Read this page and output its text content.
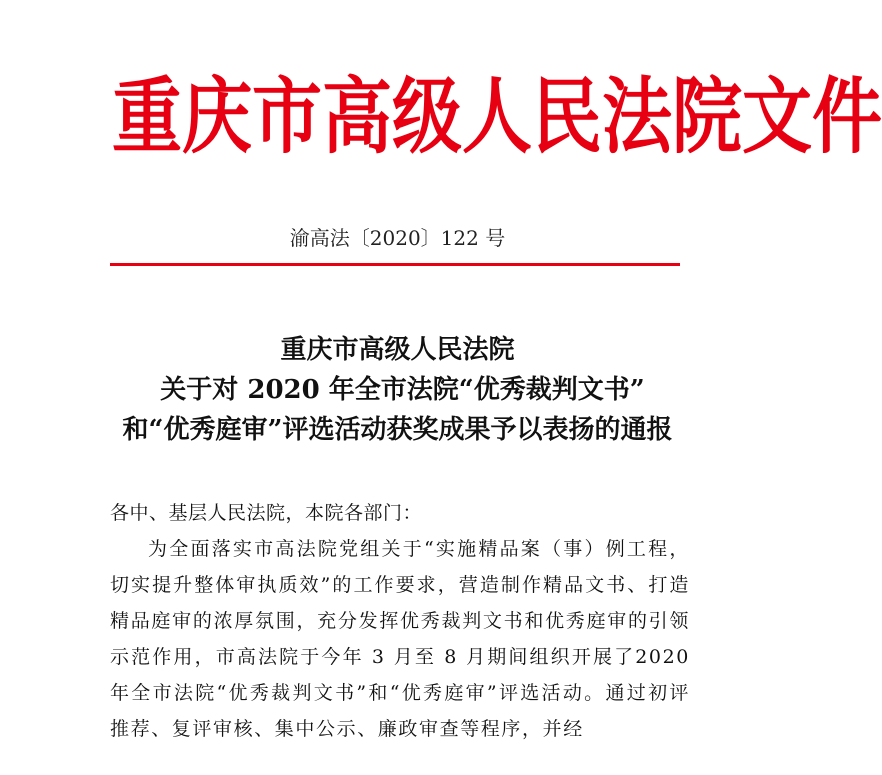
重庆市高级人民法院文件
渝高法〔2020〕122 号
重庆市高级人民法院
关于对 2020 年全市法院“优秀裁判文书”
和“优秀庭审”评选活动获奖成果予以表扬的通报
各中、基层人民法院，本院各部门：
为全面落实市高法院党组关于“实施精品案（事）例工程，切实提升整体审执质效”的工作要求，营造制作精品文书、打造精品庭审的浓厚氛围，充分发挥优秀裁判文书和优秀庭审的引领示范作用，市高法院于今年 3 月至 8 月期间组织开展了2020 年全市法院“优秀裁判文书”和“优秀庭审”评选活动。通过初评推荐、复评审核、集中公示、廉政审查等程序，并经
